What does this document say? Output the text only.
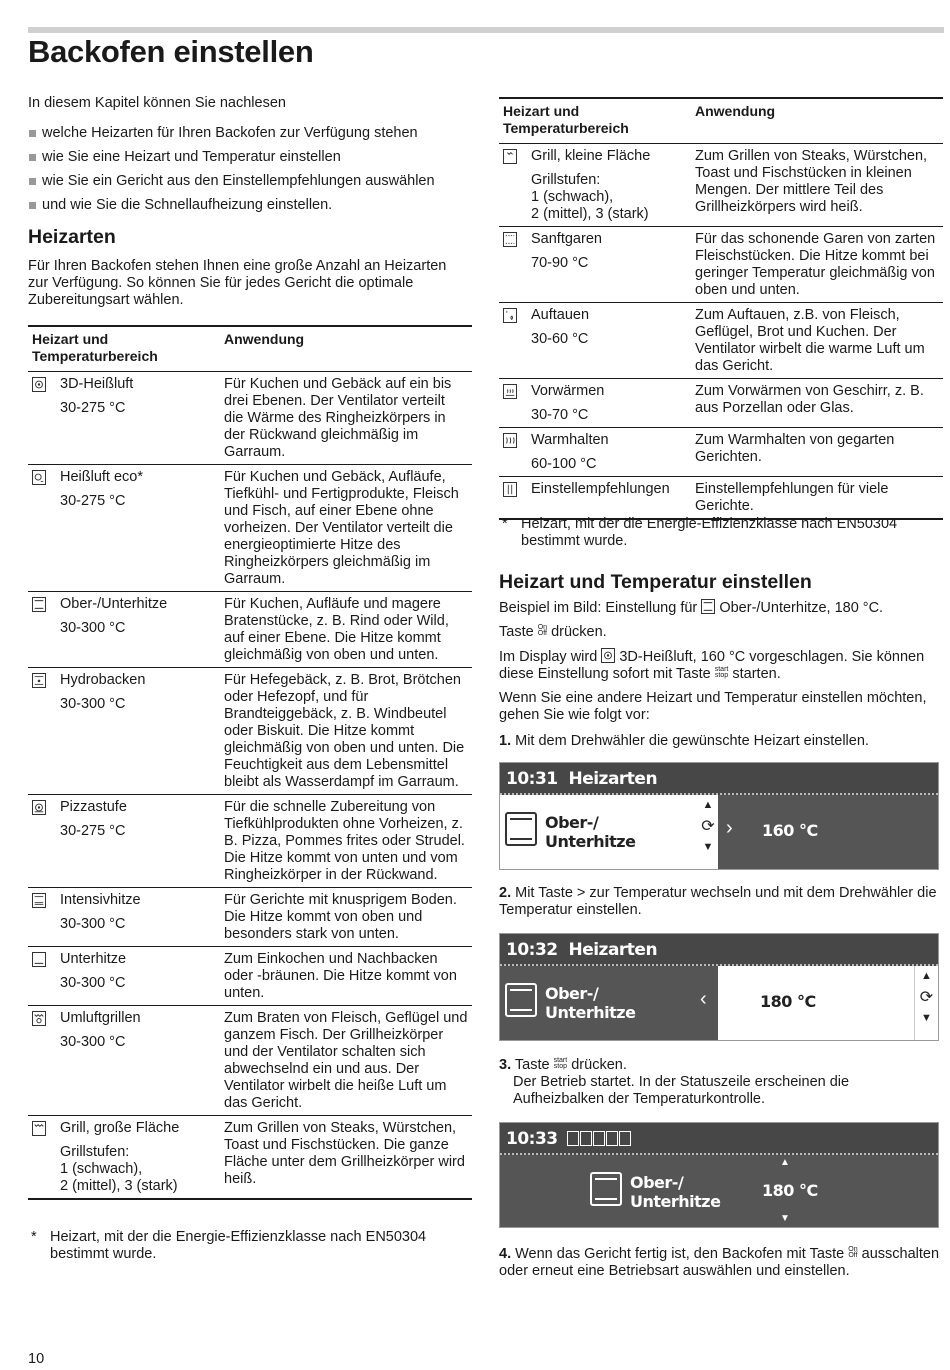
Backofen einstellen

In diesem Kapitel können Sie nachlesen

welche Heizarten für Ihren Backofen zur Verfügung stehen
wie Sie eine Heizart und Temperatur einstellen
wie Sie ein Gericht aus den Einstellempfehlungen auswählen
und wie Sie die Schnellaufheizung einstellen.
Heizarten

Für Ihren Backofen stehen Ihnen eine große Anzahl an Heizarten zur Verfügung. So können Sie für jedes Gericht die optimale Zubereitungsart wählen.

Heizart und Temperaturbereich	Anwendung

3D-Heißluft
30-275 °C	Für Kuchen und Gebäck auf ein bis drei Ebenen. Der Ventilator verteilt die Wärme des Ringheizkörpers in der Rückwand gleichmäßig im Garraum.

Heißluft eco*
30-275 °C	Für Kuchen und Gebäck, Aufläufe, Tiefkühl- und Fertigprodukte, Fleisch und Fisch, auf einer Ebene ohne vorheizen. Der Ventilator verteilt die energieoptimierte Hitze des Ringheizkörpers gleichmäßig im Garraum.

Ober-/Unterhitze
30-300 °C	Für Kuchen, Aufläufe und magere Bratenstücke, z. B. Rind oder Wild, auf einer Ebene. Die Hitze kommt gleichmäßig von oben und unten.

Hydrobacken
30-300 °C	Für Hefegebäck, z. B. Brot, Brötchen oder Hefezopf, und für Brandteiggebäck, z. B. Windbeutel oder Biskuit. Die Hitze kommt gleichmäßig von oben und unten. Die Feuchtigkeit aus dem Lebensmittel bleibt als Wasserdampf im Garraum.

Pizzastufe
30-275 °C	Für die schnelle Zubereitung von Tiefkühlprodukten ohne Vorheizen, z. B. Pizza, Pommes frites oder Strudel. Die Hitze kommt von unten und vom Ringheizkörper in der Rückwand.

Intensivhitze
30-300 °C	Für Gerichte mit knusprigem Boden. Die Hitze kommt von oben und besonders stark von unten.

Unterhitze
30-300 °C	Zum Einkochen und Nachbacken oder -bräunen. Die Hitze kommt von unten.

Umluftgrillen
30-300 °C	Zum Braten von Fleisch, Geflügel und ganzem Fisch. Der Grillheizkörper und der Ventilator schalten sich abwechselnd ein und aus. Der Ventilator wirbelt die heiße Luft um das Gericht.

Grill, große Fläche
Grillstufen:
1 (schwach),
2 (mittel), 3 (stark)	Zum Grillen von Steaks, Würstchen, Toast und Fischstücken. Die ganze Fläche unter dem Grillheizkörper wird heiß.
* Heizart, mit der die Energie-Effizienzklasse nach EN50304 bestimmt wurde.
Heizart und Temperaturbereich	Anwendung

Grill, kleine Fläche
Grillstufen:
1 (schwach),
2 (mittel), 3 (stark)	Zum Grillen von Steaks, Würstchen, Toast und Fischstücken in kleinen Mengen. Der mittlere Teil des Grillheizkörpers wird heiß.

Sanftgaren
70-90 °C	Für das schonende Garen von zarten Fleischstücken. Die Hitze kommt bei geringer Temperatur gleichmäßig von oben und unten.

* Auftauen
30-60 °C	Zum Auftauen, z.B. von Fleisch, Geflügel, Brot und Kuchen. Der Ventilator wirbelt die warme Luft um das Gericht.

Vorwärmen
30-70 °C	Zum Vorwärmen von Geschirr, z. B. aus Porzellan oder Glas.

Warmhalten
60-100 °C	Zum Warmhalten von gegarten Gerichten.

Einstellempfehlungen	Einstellempfehlungen für viele Gerichte.
* Heizart, mit der die Energie-Effizienzklasse nach EN50304 bestimmt wurde.
Heizart und Temperatur einstellen
Beispiel im Bild: Einstellung für Ober-/Unterhitze, 180 °C.
Taste On
Off drücken.
Im Display wird 3D-Heißluft, 160 °C vorgeschlagen. Sie können diese Einstellung sofort mit Taste start
stop starten.
Wenn Sie eine andere Heizart und Temperatur einstellen möchten, gehen Sie wie folgt vor:
1. Mit dem Drehwähler die gewünschte Heizart einstellen.
10:31 Heizarten
Ober-/
Unterhitze
▲
⟳
▼
› 160 °C
2. Mit Taste > zur Temperatur wechseln und mit dem Drehwähler die Temperatur einstellen.
10:32 Heizarten
Ober-/
Unterhitze
‹	180 °C
▲
⟳
▼
3. Taste start
stop drücken.
Der Betrieb startet. In der Statuszeile erscheinen die Aufheizbalken der Temperaturkontrolle.
10:33
Ober-/
Unterhitze
▲
180 °C
▼
4. Wenn das Gericht fertig ist, den Backofen mit Taste On
Off ausschalten oder erneut eine Betriebsart auswählen und einstellen.
10
